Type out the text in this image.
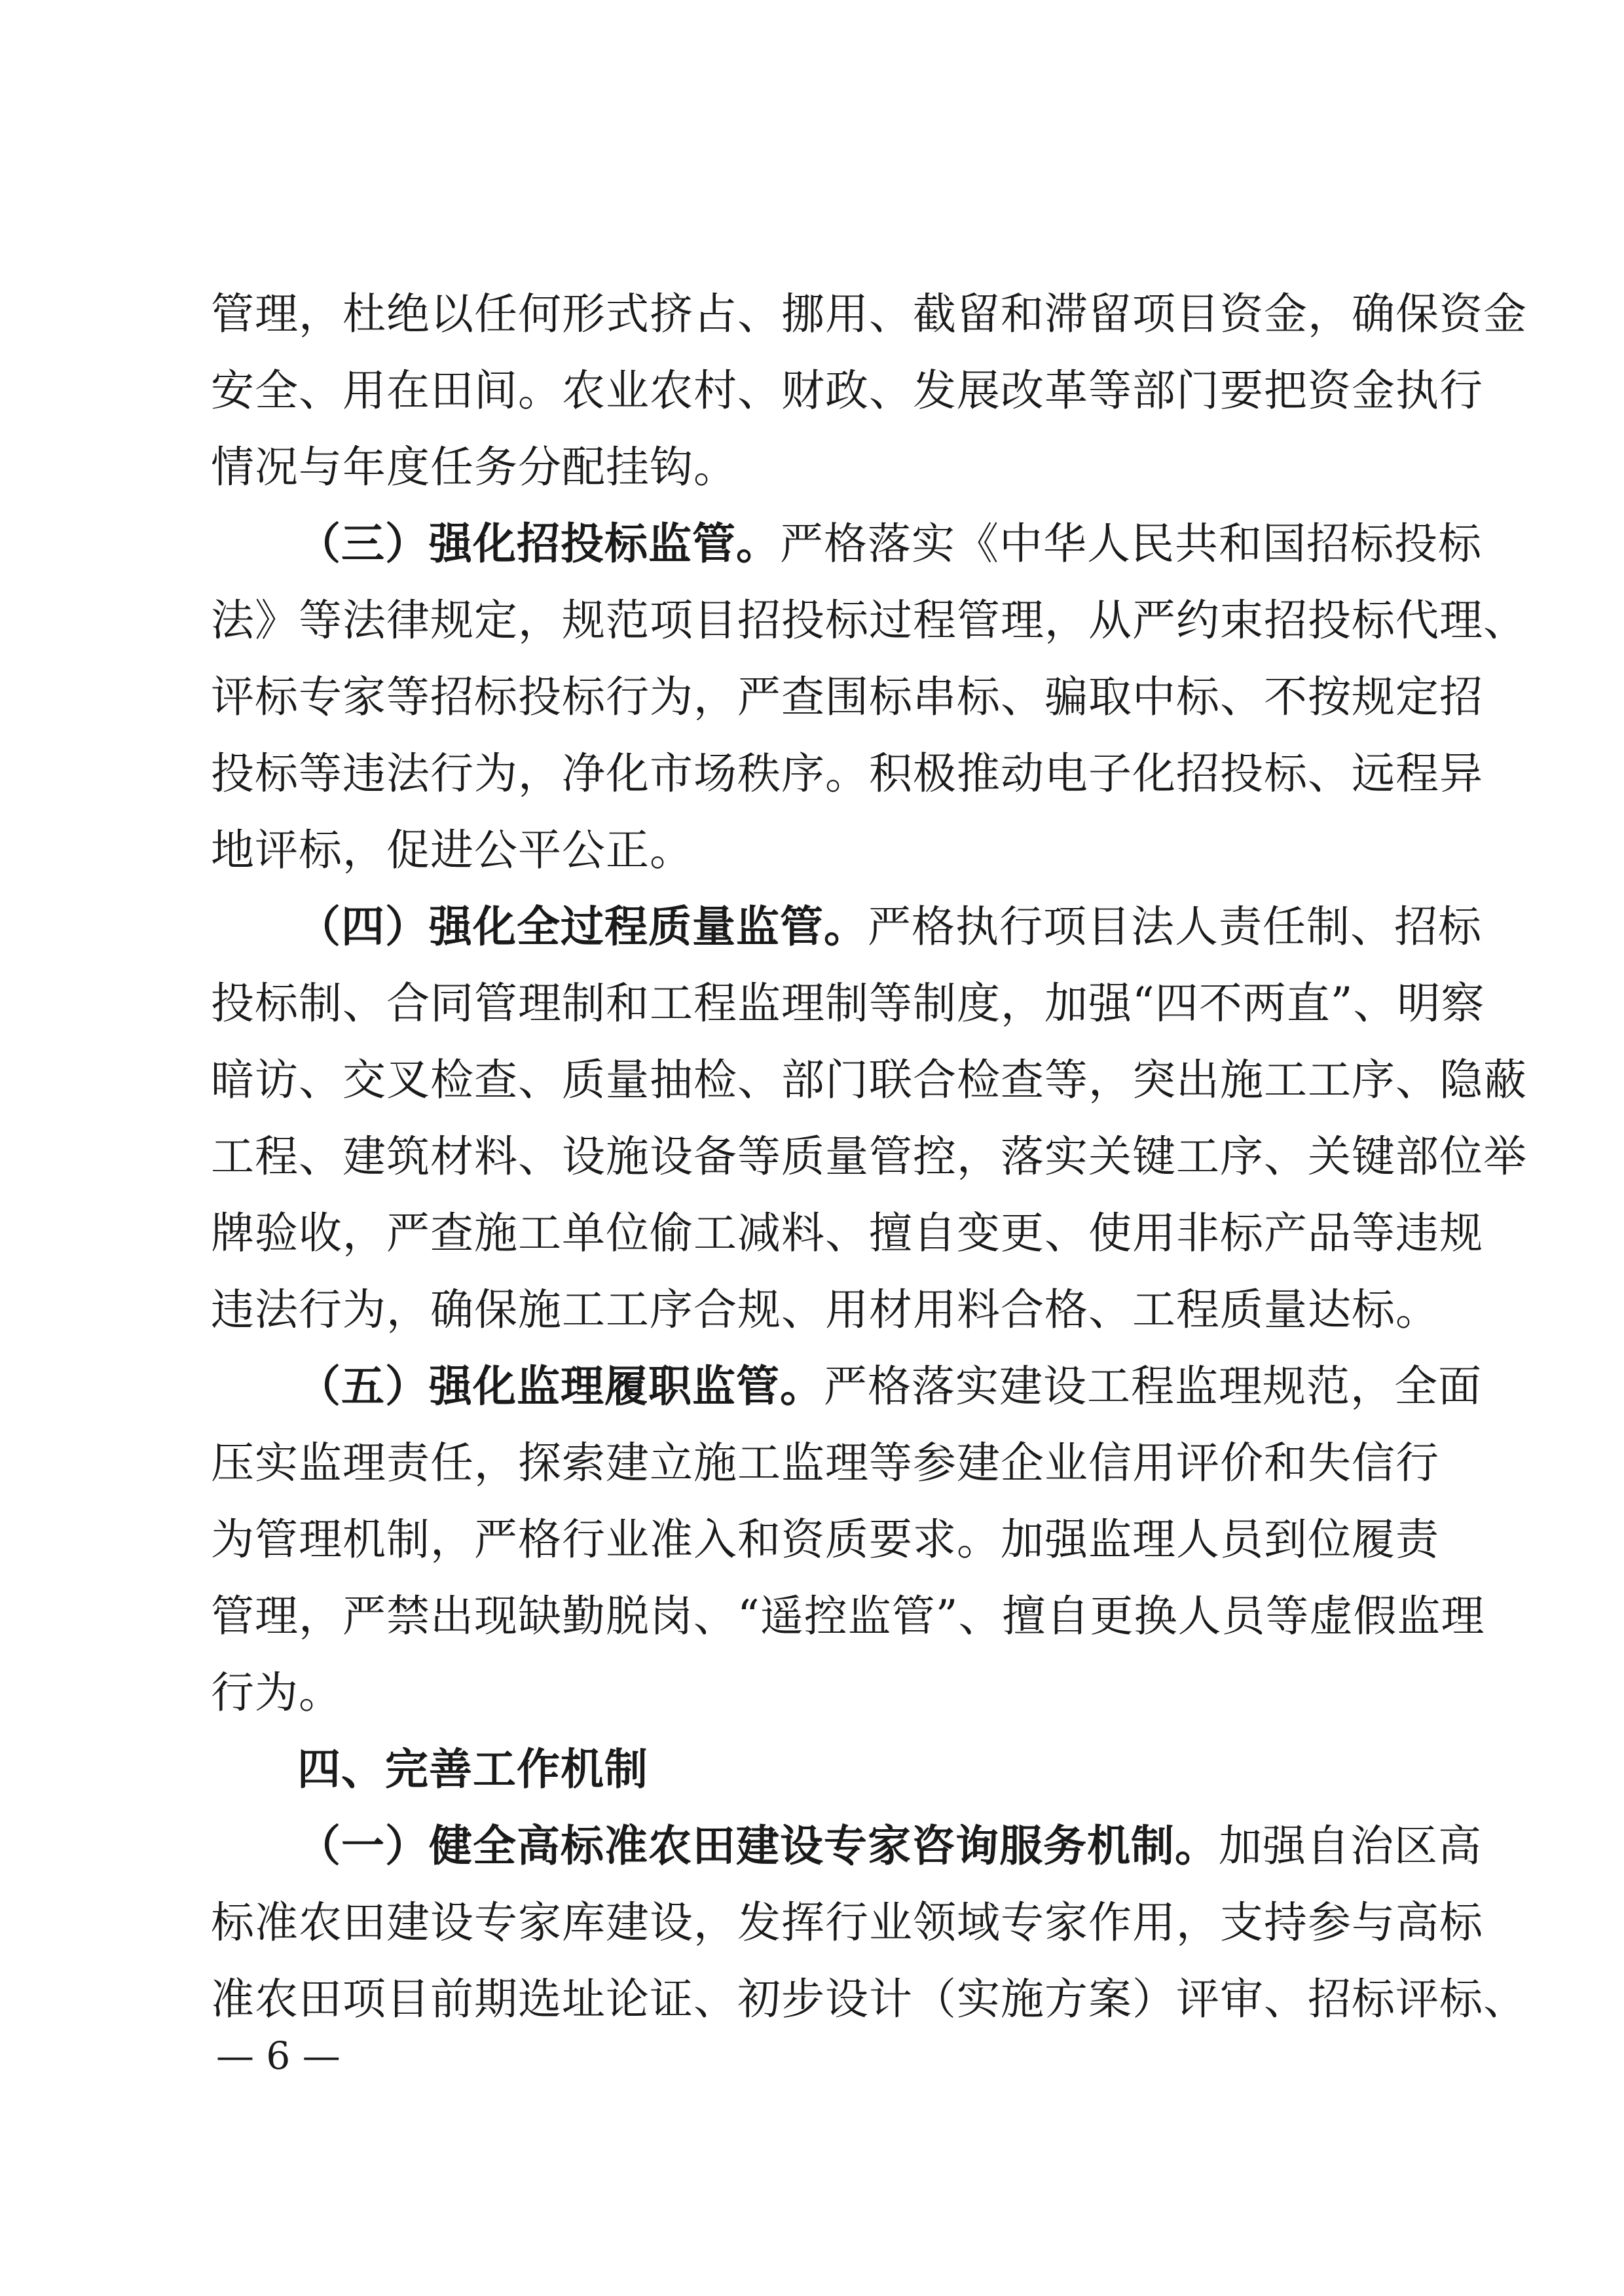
管理，杜绝以任何形式挤占、挪用、截留和滞留项目资金，确保资金
安全、用在田间。农业农村、财政、发展改革等部门要把资金执行
情况与年度任务分配挂钩。
（三）强化招投标监管。严格落实《中华人民共和国招标投标
法》等法律规定，规范项目招投标过程管理，从严约束招投标代理、
评标专家等招标投标行为，严查围标串标、骗取中标、不按规定招
投标等违法行为，净化市场秩序。积极推动电子化招投标、远程异
地评标，促进公平公正。
（四）强化全过程质量监管。严格执行项目法人责任制、招标
投标制、合同管理制和工程监理制等制度，加强“四不两直”、明察
暗访、交叉检查、质量抽检、部门联合检查等，突出施工工序、隐蔽
工程、建筑材料、设施设备等质量管控，落实关键工序、关键部位举
牌验收，严查施工单位偷工减料、擅自变更、使用非标产品等违规
违法行为，确保施工工序合规、用材用料合格、工程质量达标。
（五）强化监理履职监管。严格落实建设工程监理规范，全面
压实监理责任，探索建立施工监理等参建企业信用评价和失信行
为管理机制，严格行业准入和资质要求。加强监理人员到位履责
管理，严禁出现缺勤脱岗、“遥控监管”、擅自更换人员等虚假监理
行为。
四、完善工作机制
（一）健全高标准农田建设专家咨询服务机制。加强自治区高
标准农田建设专家库建设，发挥行业领域专家作用，支持参与高标
准农田项目前期选址论证、初步设计（实施方案）评审、招标评标、
— 6 —
